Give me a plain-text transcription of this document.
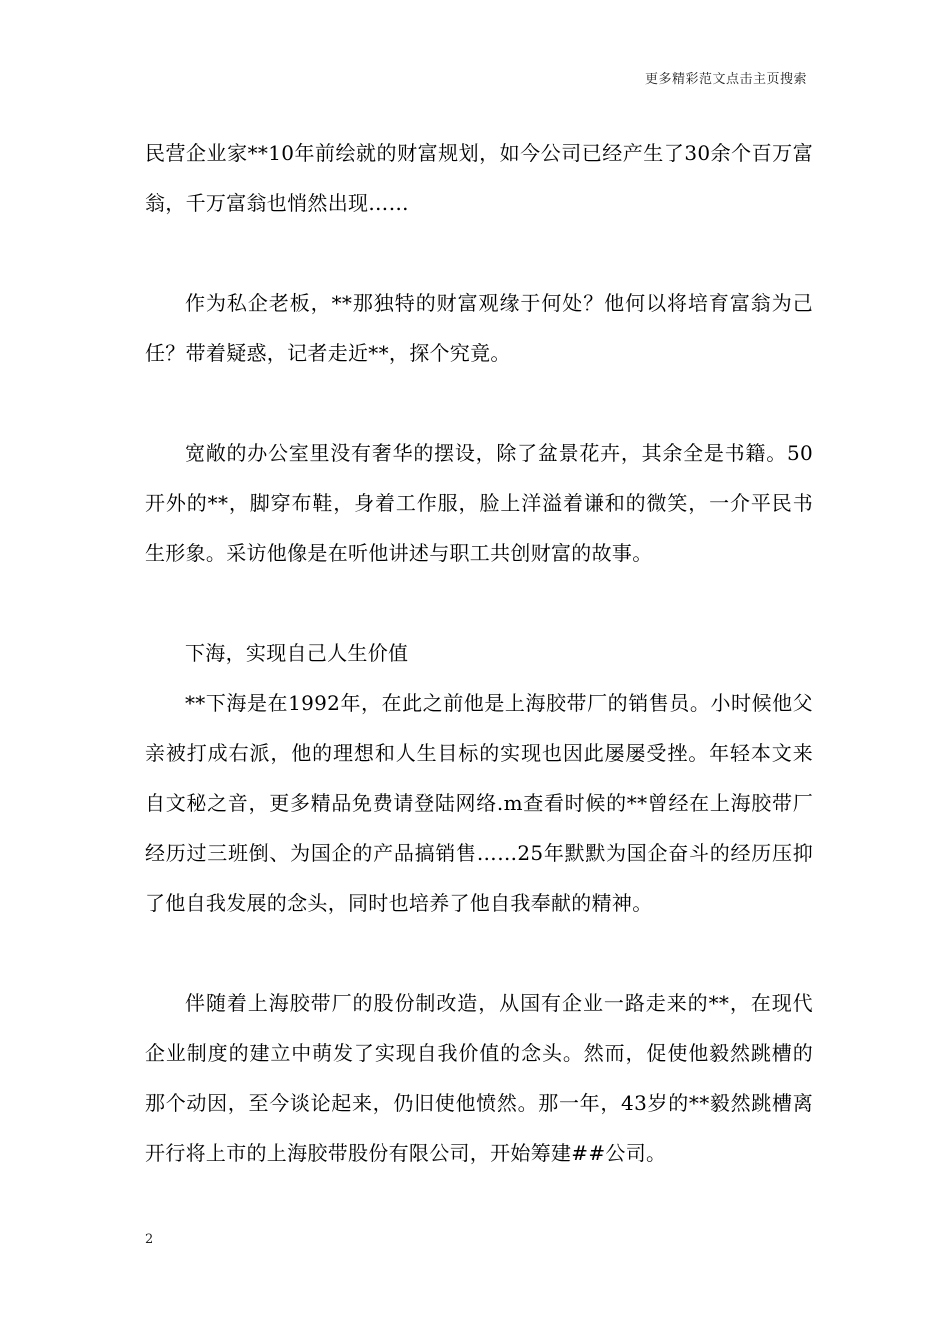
更多精彩范文点击主页搜索

民营企业家**10年前绘就的财富规划，如今公司已经产生了30余个百万富翁，千万富翁也悄然出现……

作为私企老板，**那独特的财富观缘于何处？他何以将培育富翁为己任？带着疑惑，记者走近**，探个究竟。

宽敞的办公室里没有奢华的摆设，除了盆景花卉，其余全是书籍。50开外的**，脚穿布鞋，身着工作服，脸上洋溢着谦和的微笑，一介平民书生形象。采访他像是在听他讲述与职工共创财富的故事。

下海，实现自己人生价值

**下海是在1992年，在此之前他是上海胶带厂的销售员。小时候他父亲被打成右派，他的理想和人生目标的实现也因此屡屡受挫。年轻本文来自文秘之音，更多精品免费请登陆网络.m查看时候的**曾经在上海胶带厂经历过三班倒、为国企的产品搞销售……25年默默为国企奋斗的经历压抑了他自我发展的念头，同时也培养了他自我奉献的精神。

伴随着上海胶带厂的股份制改造，从国有企业一路走来的**，在现代企业制度的建立中萌发了实现自我价值的念头。然而，促使他毅然跳槽的那个动因，至今谈论起来，仍旧使他愤然。那一年，43岁的**毅然跳槽离开行将上市的上海胶带股份有限公司，开始筹建##公司。

2
